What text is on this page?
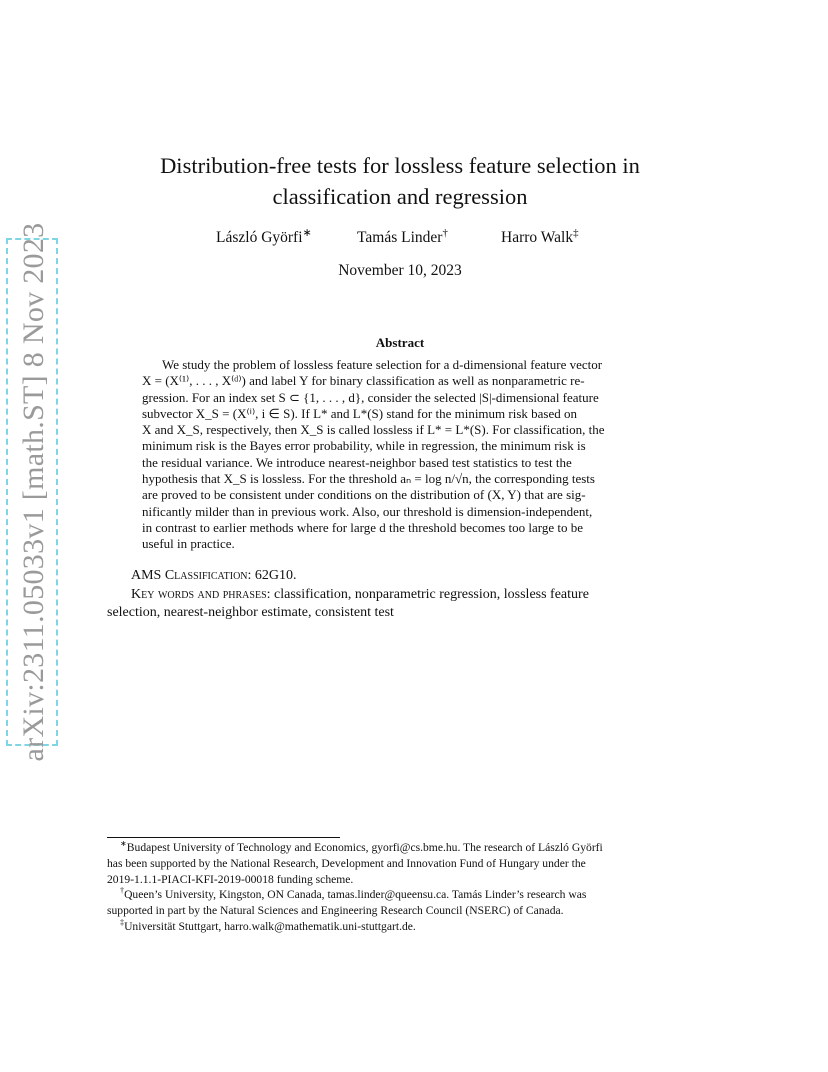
arXiv:2311.05033v1 [math.ST] 8 Nov 2023
Distribution-free tests for lossless feature selection in
classification and regression
László Györfi∗	Tamás Linder†	Harro Walk‡
November 10, 2023
Abstract
We study the problem of lossless feature selection for a d-dimensional feature vector
X = (X⁽¹⁾, . . . , X⁽ᵈ⁾) and label Y for binary classification as well as nonparametric re-
gression. For an index set S ⊂ {1, . . . , d}, consider the selected |S|-dimensional feature
subvector X_S = (X⁽ⁱ⁾, i ∈ S). If L* and L*(S) stand for the minimum risk based on
X and X_S, respectively, then X_S is called lossless if L* = L*(S). For classification, the
minimum risk is the Bayes error probability, while in regression, the minimum risk is
the residual variance. We introduce nearest-neighbor based test statistics to test the
hypothesis that X_S is lossless. For the threshold aₙ = log n/√n, the corresponding tests
are proved to be consistent under conditions on the distribution of (X, Y) that are sig-
nificantly milder than in previous work. Also, our threshold is dimension-independent,
in contrast to earlier methods where for large d the threshold becomes too large to be
useful in practice.
AMS Classification: 62G10.
Key words and phrases: classification, nonparametric regression, lossless feature
selection, nearest-neighbor estimate, consistent test
∗Budapest University of Technology and Economics, gyorfi@cs.bme.hu. The research of László Györfi
has been supported by the National Research, Development and Innovation Fund of Hungary under the
2019-1.1.1-PIACI-KFI-2019-00018 funding scheme.
†Queen’s University, Kingston, ON Canada, tamas.linder@queensu.ca. Tamás Linder’s research was
supported in part by the Natural Sciences and Engineering Research Council (NSERC) of Canada.
‡Universität Stuttgart, harro.walk@mathematik.uni-stuttgart.de.
